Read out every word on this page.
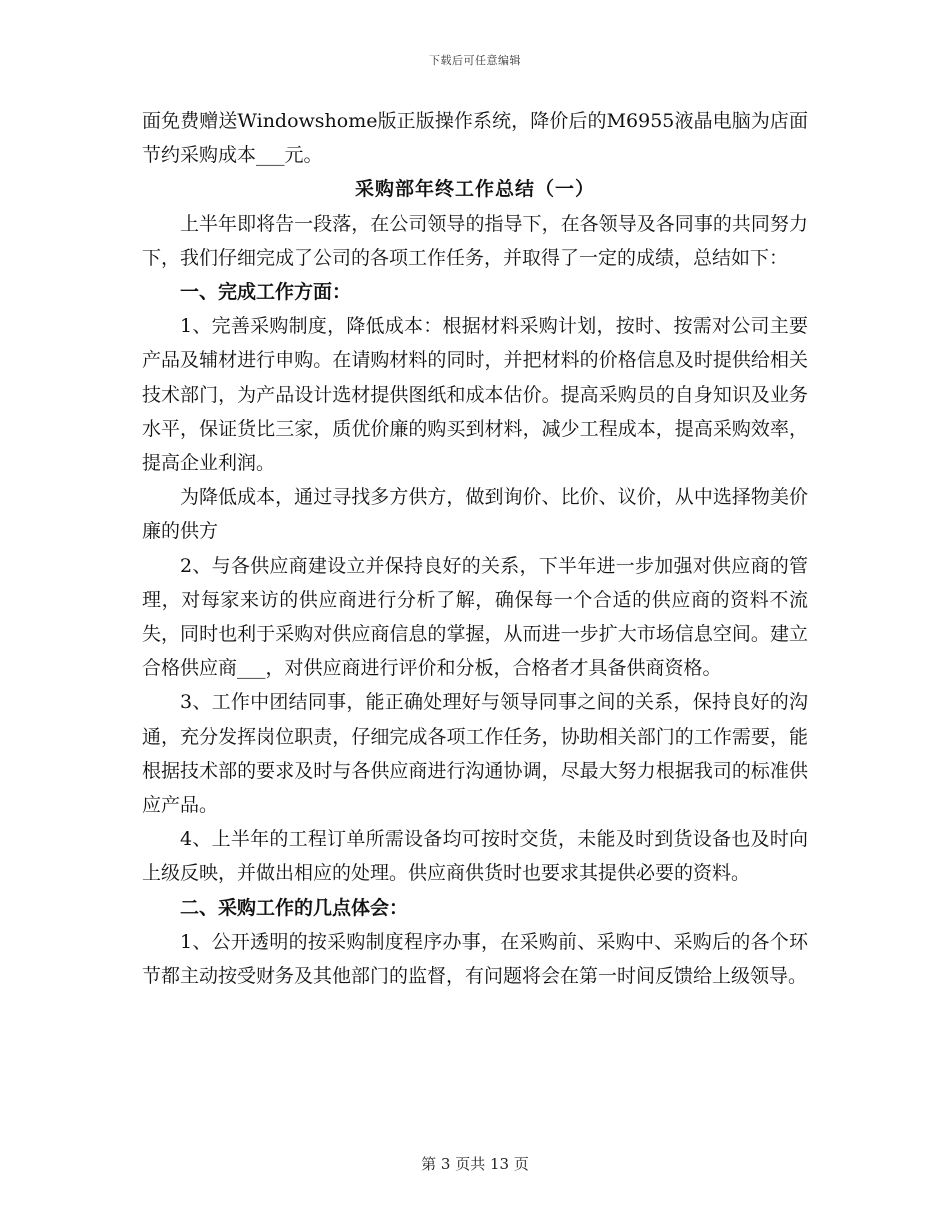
下载后可任意编辑

面免费赠送Windowshome版正版操作系统，降价后的M6955液晶电脑为店面节约采购成本___元。

采购部年终工作总结（一）

上半年即将告一段落，在公司领导的指导下，在各领导及各同事的共同努力下，我们仔细完成了公司的各项工作任务，并取得了一定的成绩，总结如下：

一、完成工作方面：

1、完善采购制度，降低成本：根据材料采购计划，按时、按需对公司主要产品及辅材进行申购。在请购材料的同时，并把材料的价格信息及时提供给相关技术部门，为产品设计选材提供图纸和成本估价。提高采购员的自身知识及业务水平，保证货比三家，质优价廉的购买到材料，减少工程成本，提高采购效率，提高企业利润。

为降低成本，通过寻找多方供方，做到询价、比价、议价，从中选择物美价廉的供方

2、与各供应商建设立并保持良好的关系，下半年进一步加强对供应商的管理，对每家来访的供应商进行分析了解，确保每一个合适的供应商的资料不流失，同时也利于采购对供应商信息的掌握，从而进一步扩大市场信息空间。建立合格供应商___，对供应商进行评价和分板，合格者才具备供商资格。

3、工作中团结同事，能正确处理好与领导同事之间的关系，保持良好的沟通，充分发挥岗位职责，仔细完成各项工作任务，协助相关部门的工作需要，能根据技术部的要求及时与各供应商进行沟通协调，尽最大努力根据我司的标准供应产品。

4、上半年的工程订单所需设备均可按时交货，未能及时到货设备也及时向上级反映，并做出相应的处理。供应商供货时也要求其提供必要的资料。

二、采购工作的几点体会：

1、公开透明的按采购制度程序办事，在采购前、采购中、采购后的各个环节都主动按受财务及其他部门的监督，有问题将会在第一时间反馈给上级领导。

第 3 页共 13 页
